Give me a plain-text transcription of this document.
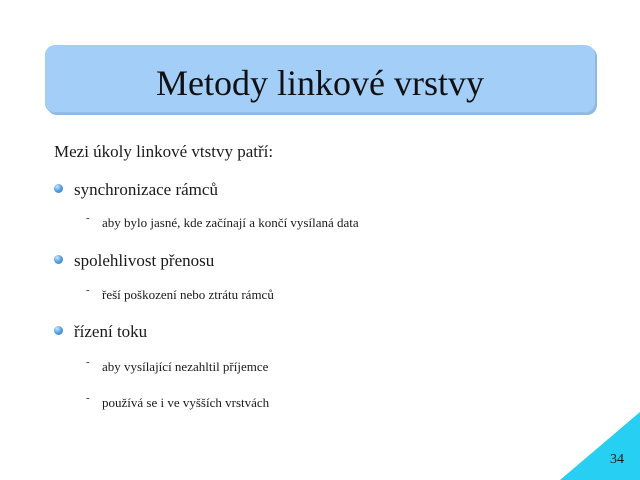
Metody linkové vrstvy
Mezi úkoly linkové vtstvy patří:
synchronizace rámců
- aby bylo jasné, kde začínají a končí vysílaná data
spolehlivost přenosu
- řeší poškození nebo ztrátu rámců
řízení toku
- aby vysílající nezahltil příjemce
- používá se i ve vyšších vrstvách
34
